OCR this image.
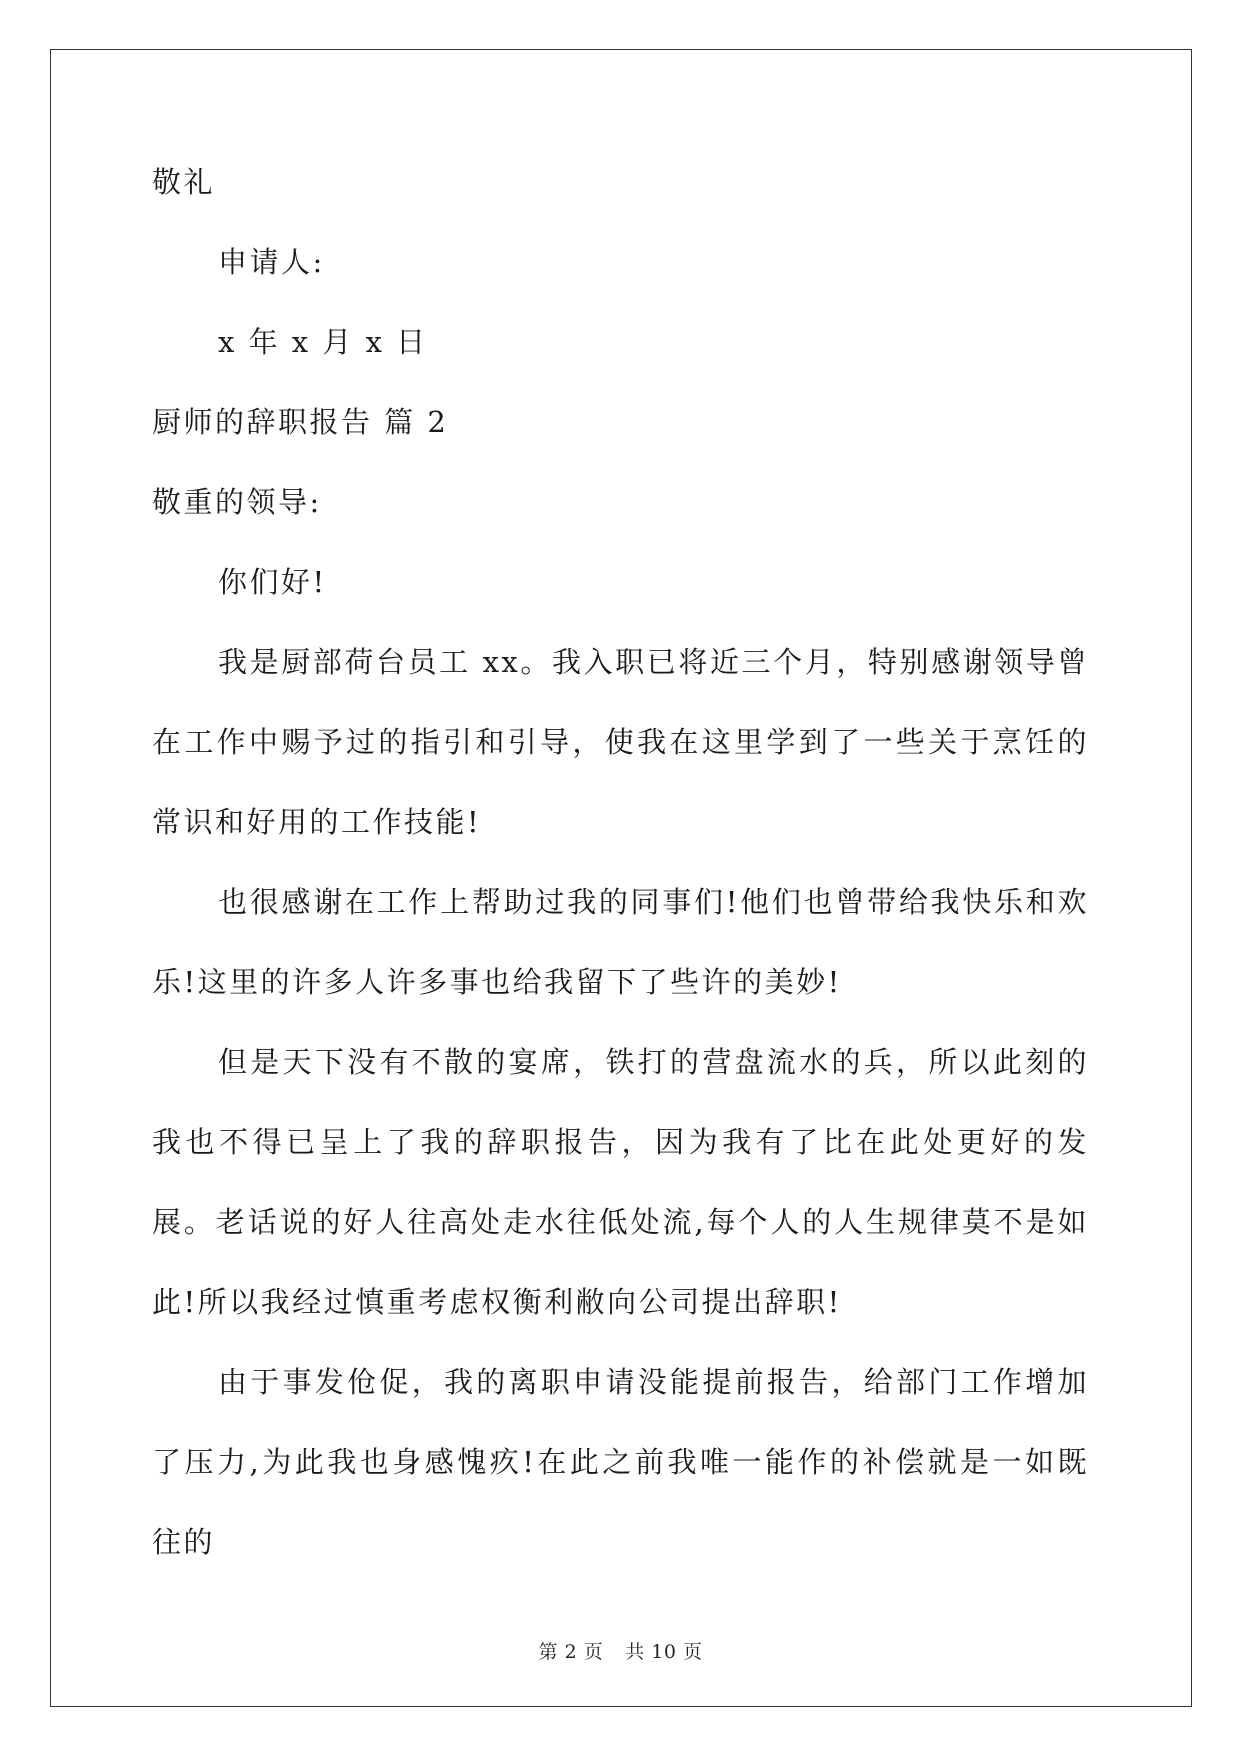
敬礼
申请人:
x 年 x 月 x 日
厨师的辞职报告 篇 2
敬重的领导:
你们好!

我是厨部荷台员工 xx。我入职已将近三个月，特别感谢领导曾在工作中赐予过的指引和引导，使我在这里学到了一些关于烹饪的常识和好用的工作技能!

也很感谢在工作上帮助过我的同事们!他们也曾带给我快乐和欢乐!这里的许多人许多事也给我留下了些许的美妙!

但是天下没有不散的宴席，铁打的营盘流水的兵，所以此刻的我也不得已呈上了我的辞职报告，因为我有了比在此处更好的发展。老话说的好人往高处走水往低处流,每个人的人生规律莫不是如此!所以我经过慎重考虑权衡利敝向公司提出辞职!

由于事发伧促，我的离职申请没能提前报告，给部门工作增加了压力,为此我也身感愧疚!在此之前我唯一能作的补偿就是一如既往的

第 2 页 共 10 页
